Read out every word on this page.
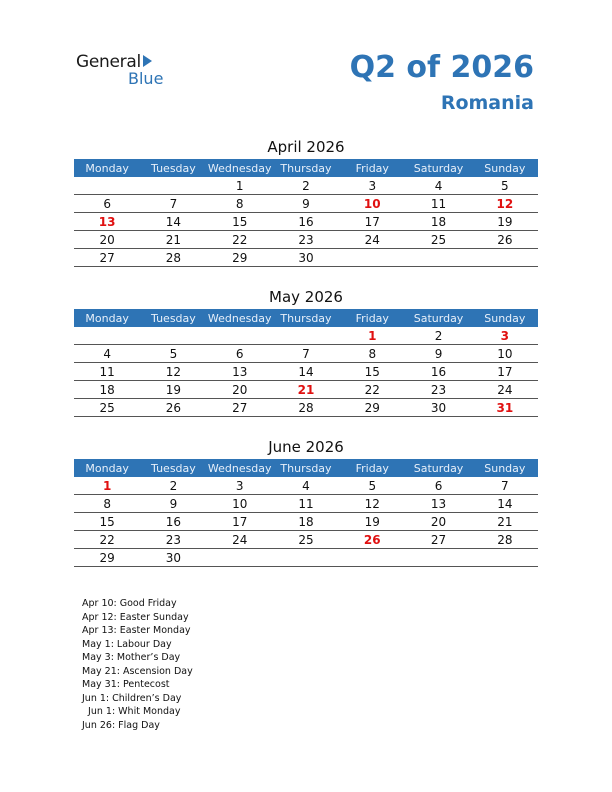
General
Blue	Q2 of 2026
Romania
April 2026
Monday	Tuesday	Wednesday	Thursday	Friday	Saturday	Sunday
		1	2	3	4	5
6	7	8	9	10	11	12
13	14	15	16	17	18	19
20	21	22	23	24	25	26
27	28	29	30			
May 2026
Monday	Tuesday	Wednesday	Thursday	Friday	Saturday	Sunday
				1	2	3
4	5	6	7	8	9	10
11	12	13	14	15	16	17
18	19	20	21	22	23	24
25	26	27	28	29	30	31
June 2026
Monday	Tuesday	Wednesday	Thursday	Friday	Saturday	Sunday
1	2	3	4	5	6	7
8	9	10	11	12	13	14
15	16	17	18	19	20	21
22	23	24	25	26	27	28
29	30					
Apr 10: Good Friday
Apr 12: Easter Sunday
Apr 13: Easter Monday
May 1: Labour Day
May 3: Mother’s Day
May 21: Ascension Day
May 31: Pentecost
Jun 1: Children’s Day
Jun 1: Whit Monday
Jun 26: Flag Day
